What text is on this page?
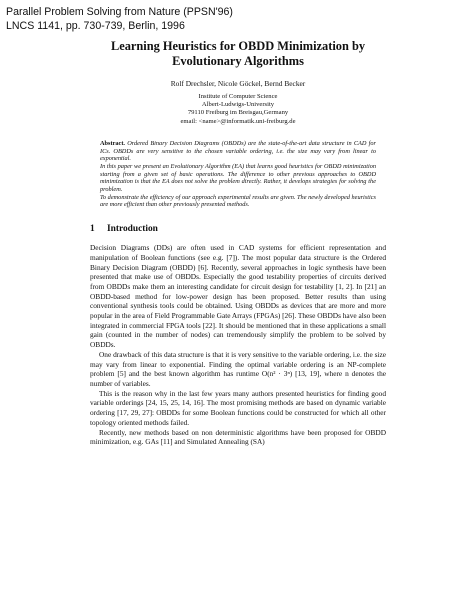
Parallel Problem Solving from Nature (PPSN'96)
LNCS 1141, pp. 730-739, Berlin, 1996
Learning Heuristics for OBDD Minimization by
Evolutionary Algorithms
Rolf Drechsler, Nicole Göckel, Bernd Becker
Institute of Computer Science
Albert-Ludwigs-University
79110 Freiburg im Breisgau,Germany
email: <name>@informatik.uni-freiburg.de

Abstract. Ordered Binary Decision Diagrams (OBDDs) are the state-of-the-art data structure in CAD for ICs. OBDDs are very sensitive to the chosen variable ordering, i.e. the size may vary from linear to exponential.

In this paper we present an Evolutionary Algorithm (EA) that learns good heuristics for OBDD minimization starting from a given set of basic operations. The difference to other previous approaches to OBDD minimization is that the EA does not solve the problem directly. Rather, it develops strategies for solving the problem.

To demonstrate the efficiency of our approach experimental results are given. The newly developed heuristics are more efficient than other previously presented methods.

1 Introduction

Decision Diagrams (DDs) are often used in CAD systems for efficient representation and manipulation of Boolean functions (see e.g. [7]). The most popular data structure is the Ordered Binary Decision Diagram (OBDD) [6]. Recently, several approaches in logic synthesis have been presented that make use of OBDDs. Especially the good testability properties of circuits derived from OBDDs make them an interesting candidate for circuit design for testability [1, 2]. In [21] an OBDD-based method for low-power design has been proposed. Better results than using conventional synthesis tools could be obtained. Using OBDDs as devices that are more and more popular in the area of Field Programmable Gate Arrays (FPGAs) [26]. These OBDDs have also been integrated in commercial FPGA tools [22]. It should be mentioned that in these applications a small gain (counted in the number of nodes) can tremendously simplify the problem to be solved by OBDDs.

One drawback of this data structure is that it is very sensitive to the variable ordering, i.e. the size may vary from linear to exponential. Finding the optimal variable ordering is an NP-complete problem [5] and the best known algorithm has runtime O(n² · 3ⁿ) [13, 19], where n denotes the number of variables.

This is the reason why in the last few years many authors presented heuristics for finding good variable orderings [24, 15, 25, 14, 16]. The most promising methods are based on dynamic variable ordering [17, 29, 27]: OBDDs for some Boolean functions could be constructed for which all other topology oriented methods failed.

Recently, new methods based on non deterministic algorithms have been proposed for OBDD minimization, e.g. GAs [11] and Simulated Annealing (SA)
